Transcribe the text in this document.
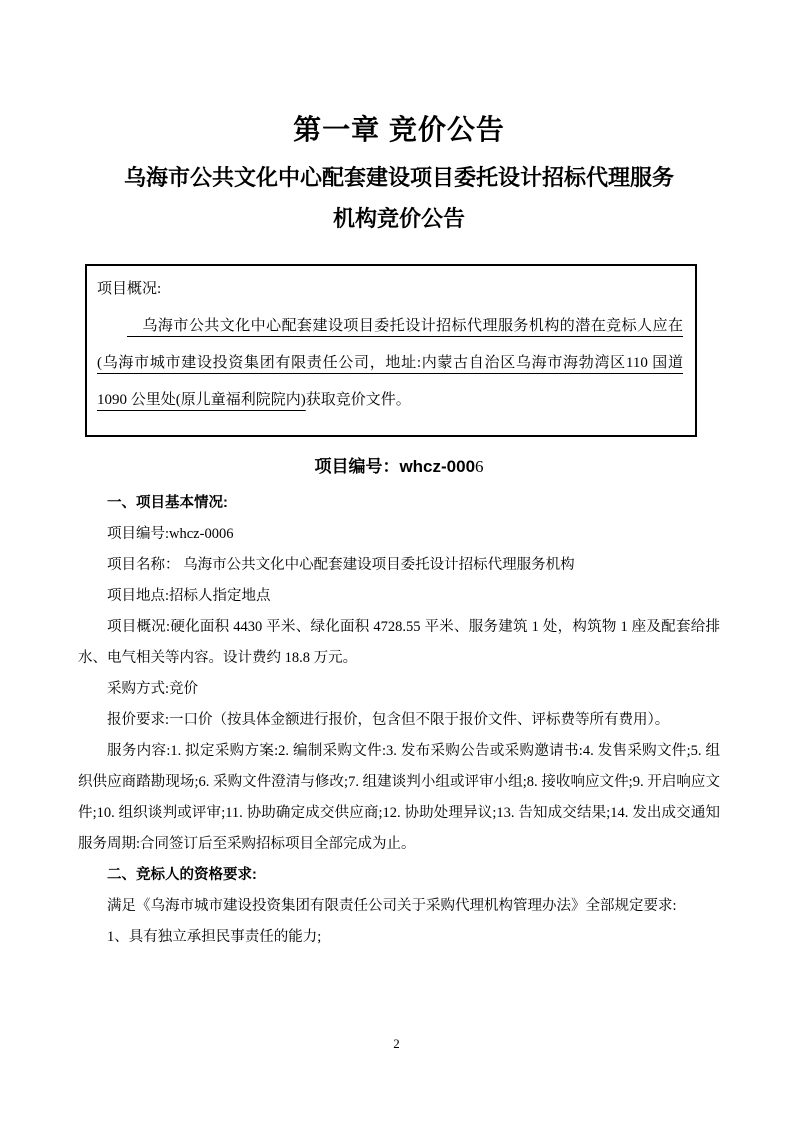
第一章 竞价公告
乌海市公共文化中心配套建设项目委托设计招标代理服务
机构竞价公告

项目概况:

　乌海市公共文化中心配套建设项目委托设计招标代理服务机构的潜在竞标人应在(乌海市城市建设投资集团有限责任公司，地址:内蒙古自治区乌海市海勃湾区110 国道 1090 公里处(原儿童福利院院内)获取竞价文件。

项目编号：whcz-0006

一、项目基本情况:

项目编号:whcz-0006

项目名称： 乌海市公共文化中心配套建设项目委托设计招标代理服务机构

项目地点:招标人指定地点

项目概况:硬化面积 4430 平米、绿化面积 4728.55 平米、服务建筑 1 处，构筑物 1 座及配套给排水、电气相关等内容。设计费约 18.8 万元。

采购方式:竞价

报价要求:一口价（按具体金额进行报价，包含但不限于报价文件、评标费等所有费用）。

服务内容:1. 拟定采购方案:2. 编制采购文件:3. 发布采购公告或采购邀请书:4. 发售采购文件;5. 组织供应商踏勘现场;6. 采购文件澄清与修改;7. 组建谈判小组或评审小组;8. 接收响应文件;9. 开启响应文件;10. 组织谈判或评审;11. 协助确定成交供应商;12. 协助处理异议;13. 告知成交结果;14. 发出成交通知服务周期:合同签订后至采购招标项目全部完成为止。

二、竞标人的资格要求:

满足《乌海市城市建设投资集团有限责任公司关于采购代理机构管理办法》全部规定要求:

1、具有独立承担民事责任的能力;

2
